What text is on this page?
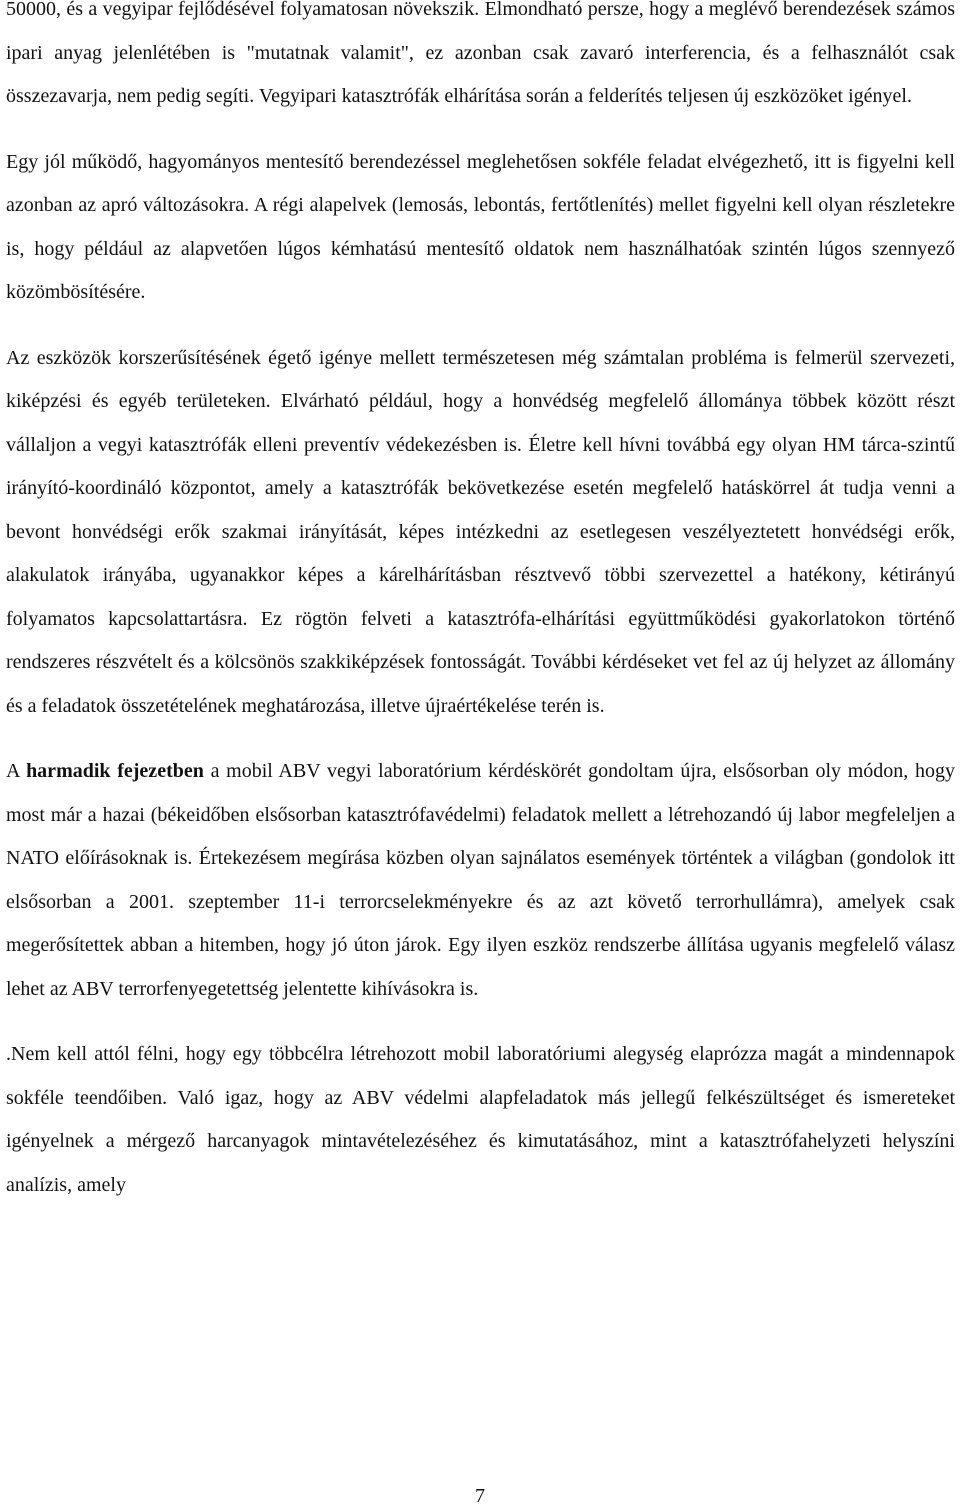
50000, és a vegyipar fejlődésével folyamatosan növekszik. Elmondható persze, hogy a meglévő berendezések számos ipari anyag jelenlétében is "mutatnak valamit", ez azonban csak zavaró interferencia, és a felhasználót csak összezavarja, nem pedig segíti. Vegyipari katasztrófák elhárítása során a felderítés teljesen új eszközöket igényel.

Egy jól működő, hagyományos mentesítő berendezéssel meglehetősen sokféle feladat elvégezhető, itt is figyelni kell azonban az apró változásokra. A régi alapelvek (lemosás, lebontás, fertőtlenítés) mellet figyelni kell olyan részletekre is, hogy például az alapvetően lúgos kémhatású mentesítő oldatok nem használhatóak szintén lúgos szennyező közömbösítésére.

Az eszközök korszerűsítésének égető igénye mellett természetesen még számtalan probléma is felmerül szervezeti, kiképzési és egyéb területeken. Elvárható például, hogy a honvédség megfelelő állománya többek között részt vállaljon a vegyi katasztrófák elleni preventív védekezésben is. Életre kell hívni továbbá egy olyan HM tárca-szintű irányító-koordináló központot, amely a katasztrófák bekövetkezése esetén megfelelő hatáskörrel át tudja venni a bevont honvédségi erők szakmai irányítását, képes intézkedni az esetlegesen veszélyeztetett honvédségi erők, alakulatok irányába, ugyanakkor képes a kárelhárításban résztvevő többi szervezettel a hatékony, kétirányú folyamatos kapcsolattartásra. Ez rögtön felveti a katasztrófa-elhárítási együttműködési gyakorlatokon történő rendszeres részvételt és a kölcsönös szakkiképzések fontosságát. További kérdéseket vet fel az új helyzet az állomány és a feladatok összetételének meghatározása, illetve újraértékelése terén is.

A harmadik fejezetben a mobil ABV vegyi laboratórium kérdéskörét gondoltam újra, elsősorban oly módon, hogy most már a hazai (békeidőben elsősorban katasztrófavédelmi) feladatok mellett a létrehozandó új labor megfeleljen a NATO előírásoknak is. Értekezésem megírása közben olyan sajnálatos események történtek a világban (gondolok itt elsősorban a 2001. szeptember 11-i terrorcselekményekre és az azt követő terrorhullámra), amelyek csak megerősítettek abban a hitemben, hogy jó úton járok. Egy ilyen eszköz rendszerbe állítása ugyanis megfelelő válasz lehet az ABV terrorfenyegetettség jelentette kihívásokra is.

.Nem kell attól félni, hogy egy többcélra létrehozott mobil laboratóriumi alegység elaprózza magát a mindennapok sokféle teendőiben. Való igaz, hogy az ABV védelmi alapfeladatok más jellegű felkészültséget és ismereteket igényelnek a mérgező harcanyagok mintavételezéséhez és kimutatásához, mint a katasztrófahelyzeti helyszíni analízis, amely

7
